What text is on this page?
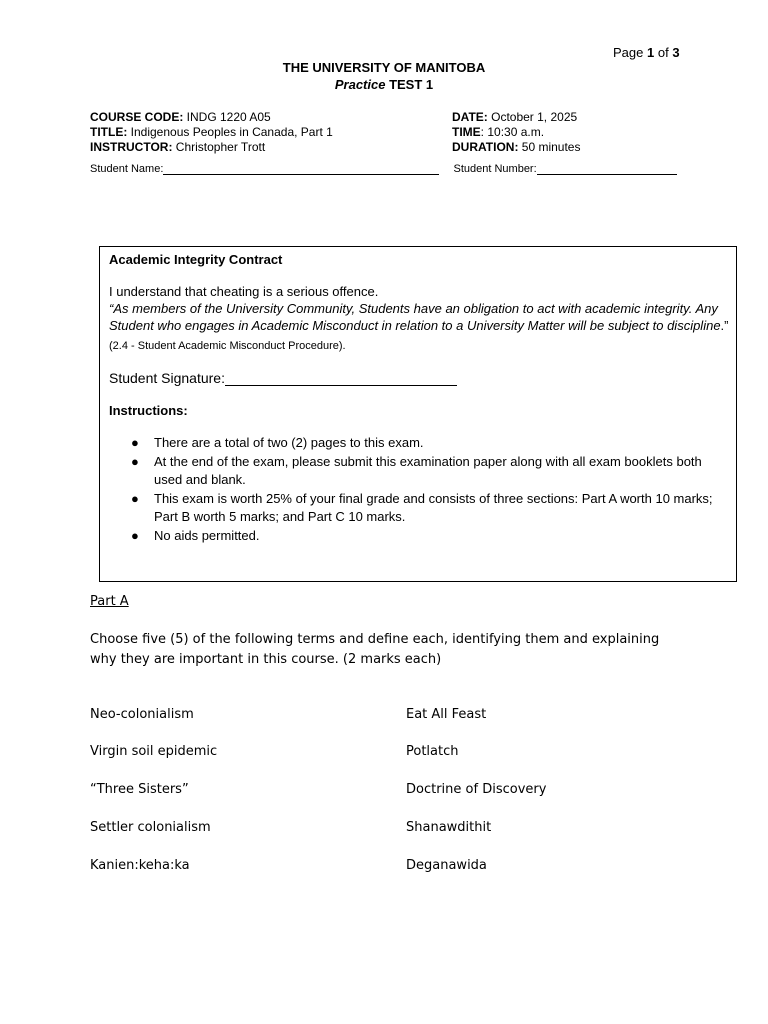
Page 1 of 3
THE UNIVERSITY OF MANITOBA
Practice TEST 1
COURSE CODE: INDG 1220 A05
TITLE: Indigenous Peoples in Canada, Part 1
INSTRUCTOR: Christopher Trott
DATE: October 1, 2025
TIME: 10:30 a.m.
DURATION: 50 minutes
Student Name:	Student Number:
Academic Integrity Contract
I understand that cheating is a serious offence.
“As members of the University Community, Students have an obligation to act with academic integrity. Any Student who engages in Academic Misconduct in relation to a University Matter will be subject to discipline.” (2.4 - Student Academic Misconduct Procedure).
Student Signature:
Instructions:
● There are a total of two (2) pages to this exam.
● At the end of the exam, please submit this examination paper along with all exam booklets both used and blank.
● This exam is worth 25% of your final grade and consists of three sections: Part A worth 10 marks; Part B worth 5 marks; and Part C 10 marks.
● No aids permitted.
Part A
Choose five (5) of the following terms and define each, identifying them and explaining why they are important in this course. (2 marks each)
Neo-colonialism
Virgin soil epidemic
“Three Sisters”
Settler colonialism
Kanien:keha:ka
Eat All Feast
Potlatch
Doctrine of Discovery
Shanawdithit
Deganawida
